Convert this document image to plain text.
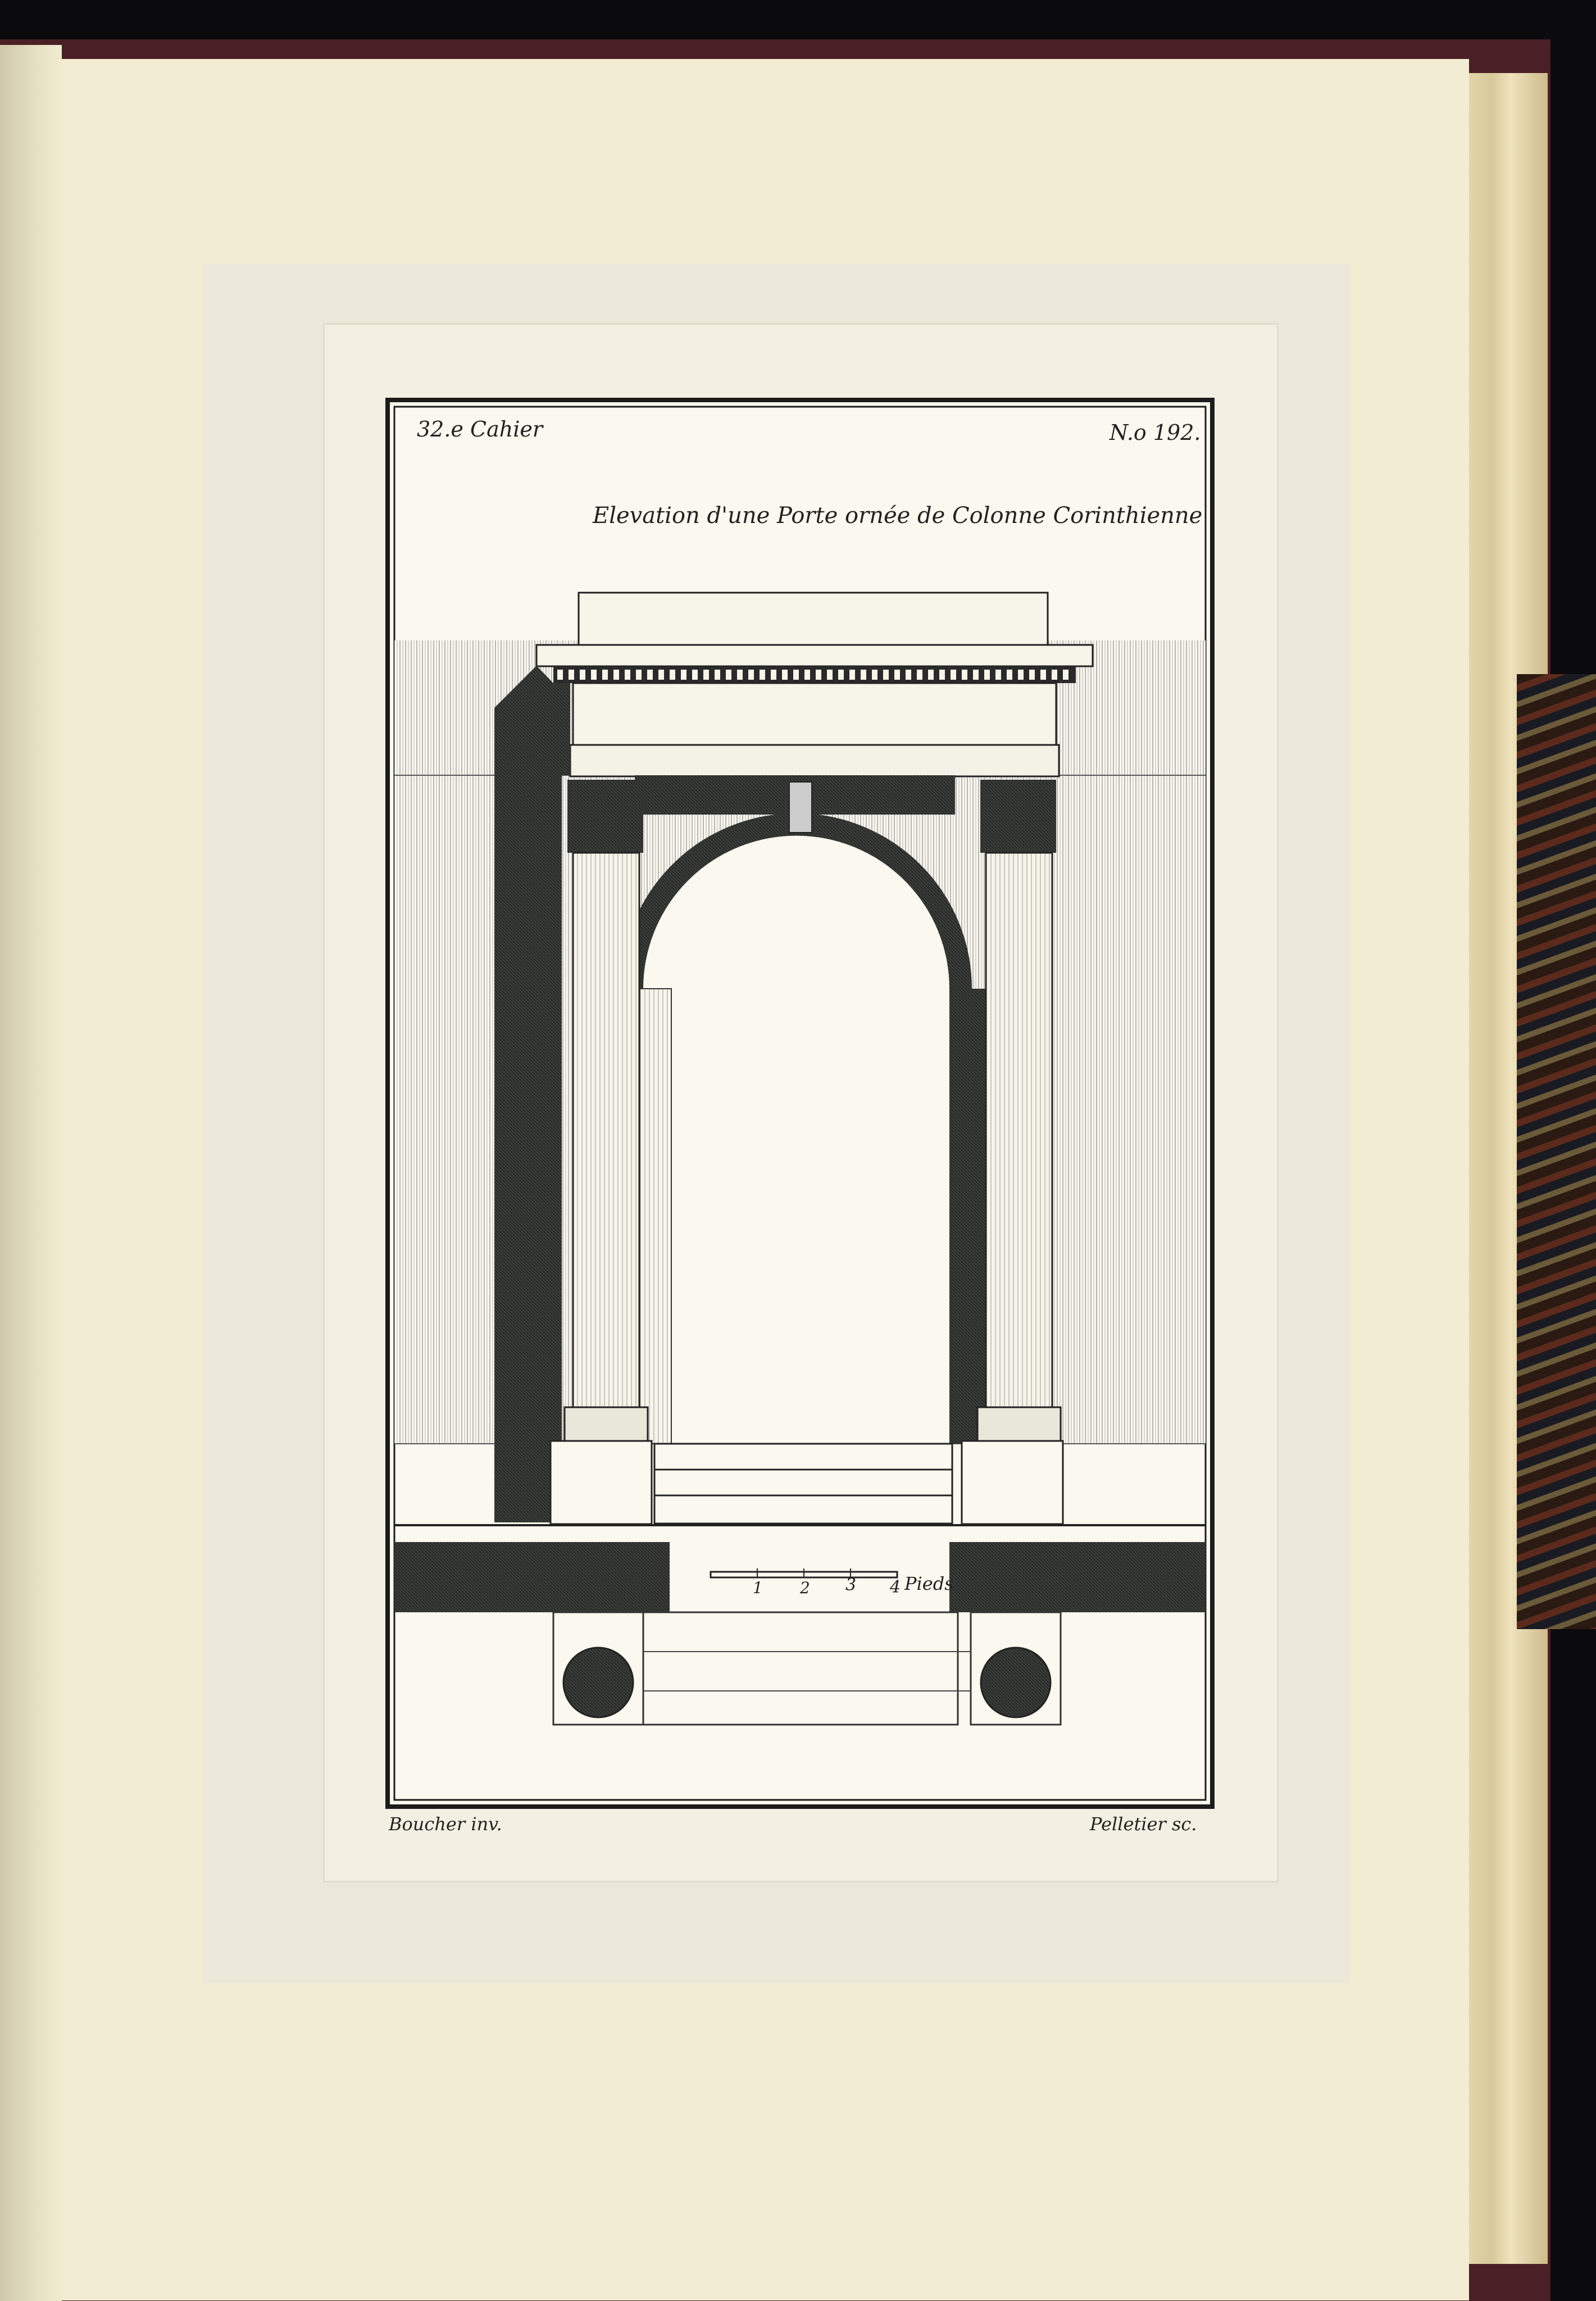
32.e Cahier	N.o 192.
Elevation d'une Porte ornée de Colonne Corinthienne
1 2 3 4 Pieds
Boucher inv.	Pelletier sc.
